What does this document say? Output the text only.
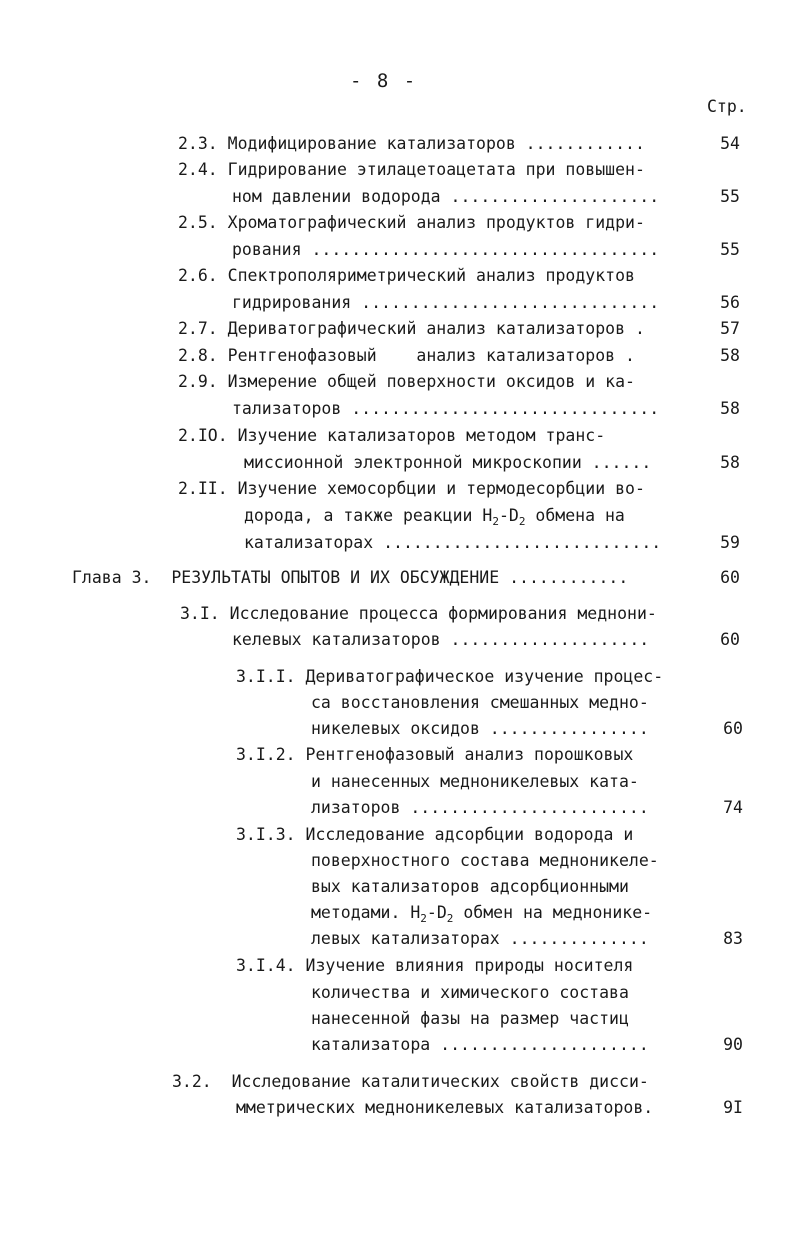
- 8 -
Стр.
2.3. Модифицирование катализаторов ............	54
2.4. Гидрирование этилацетоацетата при повышен-
ном давлении водорода .....................	55
2.5. Хроматографический анализ продуктов гидри-
рования ...................................	55
2.6. Спектрополяриметрический анализ продуктов
гидрирования ..............................	56
2.7. Дериватографический анализ катализаторов .	57
2.8. Рентгенофазовый    анализ катализаторов .	58
2.9. Измерение общей поверхности оксидов и ка-
тализаторов ...............................	58
2.IO. Изучение катализаторов методом транс-
миссионной электронной микроскопии ......	58
2.II. Изучение хемосорбции и термодесорбции во-
дорода, а также реакции $H_2-D_2$ обмена на
катализаторах ............................	59
Глава 3.  РЕЗУЛЬТАТЫ ОПЫТОВ И ИХ ОБСУЖДЕНИЕ ............	60
3.I. Исследование процесса формирования меднони-
келевых катализаторов ....................	60
3.I.I. Дериватографическое изучение процес-
са восстановления смешанных медно-
никелевых оксидов ................	60
3.I.2. Рентгенофазовый анализ порошковых
и нанесенных медноникелевых ката-
лизаторов ........................	74
3.I.3. Исследование адсорбции водорода и
поверхностного состава медноникеле-
вых катализаторов адсорбционными
методами. $H_2-D_2$ обмен на медноникe-
левых катализаторах ..............	83
3.I.4. Изучение влияния природы носителя
количества и химического состава
нанесенной фазы на размер частиц
катализатора .....................	90
3.2.  Исследование каталитических свойств дисси-
мметрических медноникелевых катализаторов.	9I
